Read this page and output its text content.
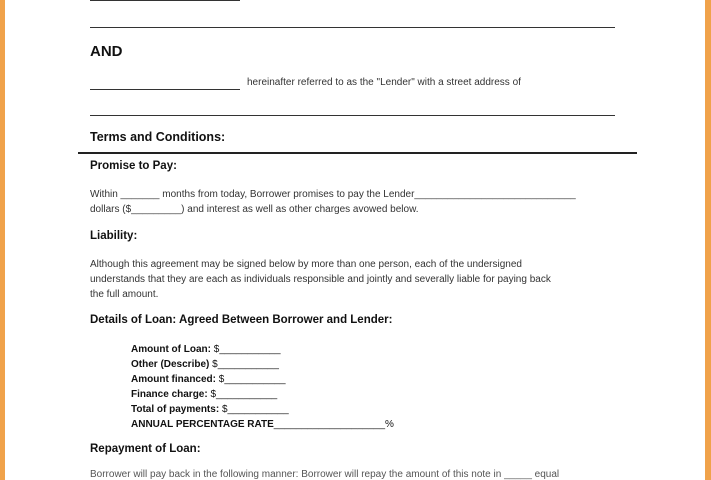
AND
hereinafter referred to as the "Lender" with a street address of
Terms and Conditions:
Promise to Pay:
Within _______ months from today, Borrower promises to pay the Lender_____________________________
dollars ($_________) and interest as well as other charges avowed below.
Liability:
Although this agreement may be signed below by more than one person, each of the undersigned
understands that they are each as individuals responsible and jointly and severally liable for paying back
the full amount.
Details of Loan: Agreed Between Borrower and Lender:
Amount of Loan: $___________
Other (Describe) $___________
Amount financed: $___________
Finance charge: $___________
Total of payments: $___________
ANNUAL PERCENTAGE RATE____________________%
Repayment of Loan:
Borrower will pay back in the following manner: Borrower will repay the amount of this note in _____ equal
